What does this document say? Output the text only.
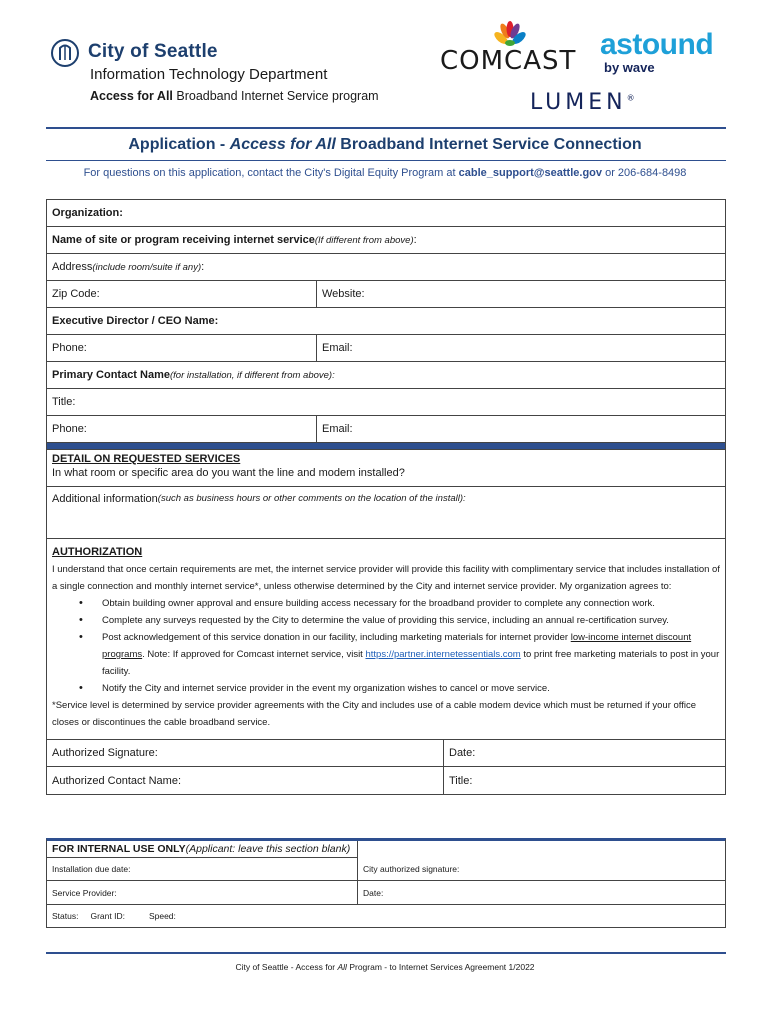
City of Seattle
Information Technology Department
Access for All Broadband Internet Service program
COMCAST astound
by wave
LUMEN®
Application - Access for All Broadband Internet Service Connection
For questions on this application, contact the City's Digital Equity Program at cable_support@seattle.gov or 206-684-8498
Organization:
Name of site or program receiving internet service (If different from above) :
Address (include room/suite if any) :
Zip Code:	Website:
Executive Director / CEO Name:
Phone:	Email:
Primary Contact Name (for installation, if different from above):
Title:
Phone:	Email:
DETAIL ON REQUESTED SERVICES
In what room or specific area do you want the line and modem installed?
Additional information (such as business hours or other comments on the location of the install):
AUTHORIZATION

I understand that once certain requirements are met, the internet service provider will provide this facility with complimentary service that includes installation of a single connection and monthly internet service*, unless otherwise determined by the City and internet service provider. My organization agrees to:

• Obtain building owner approval and ensure building access necessary for the broadband provider to complete any connection work.
• Complete any surveys requested by the City to determine the value of providing this service, including an annual re-certification survey.
• Post acknowledgement of this service donation in our facility, including marketing materials for internet provider low-income internet discount programs. Note: If approved for Comcast internet service, visit https://partner.internetessentials.com to print free marketing materials to post in your facility.
• Notify the City and internet service provider in the event my organization wishes to cancel or move service.

*Service level is determined by service provider agreements with the City and includes use of a cable modem device which must be returned if your office closes or discontinues the cable broadband service.

Authorized Signature:	Date:
Authorized Contact Name:	Title:
FOR INTERNAL USE ONLY (Applicant: leave this section blank)
Installation due date:	City authorized signature:
Service Provider:	Date:
Status: Grant ID:	Speed:
City of Seattle - Access for All Program - to Internet Services Agreement 1/2022
